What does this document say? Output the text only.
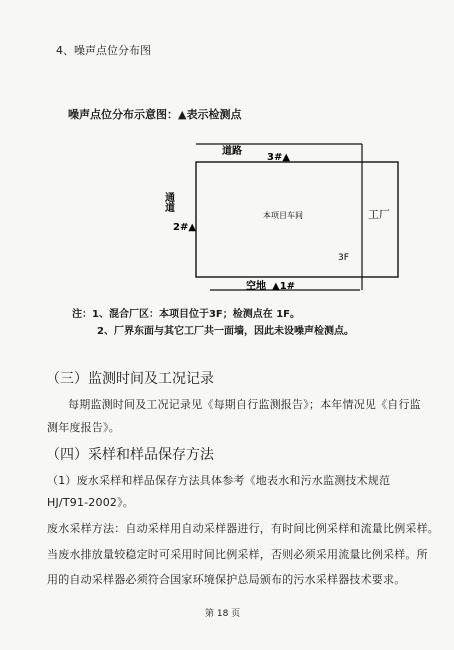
4、噪声点位分布图
噪声点位分布示意图：▲表示检测点
道路
3#▲
通道
2#▲
本项目车间
3F
工厂
空地 ▲1#
注：1、混合厂区：本项目位于3F；检测点在 1F。
2、厂界东面与其它工厂共一面墙，因此未设噪声检测点。
（三）监测时间及工况记录
每期监测时间及工况记录见《每期自行监测报告》；本年情况见《自行监
测年度报告》。
（四）采样和样品保存方法
（1）废水采样和样品保存方法具体参考《地表水和污水监测技术规范
HJ/T91-2002》。
废水采样方法：自动采样用自动采样器进行，有时间比例采样和流量比例采样。
当废水排放量较稳定时可采用时间比例采样，否则必须采用流量比例采样。所
用的自动采样器必须符合国家环境保护总局颁布的污水采样器技术要求。
第 18 页
